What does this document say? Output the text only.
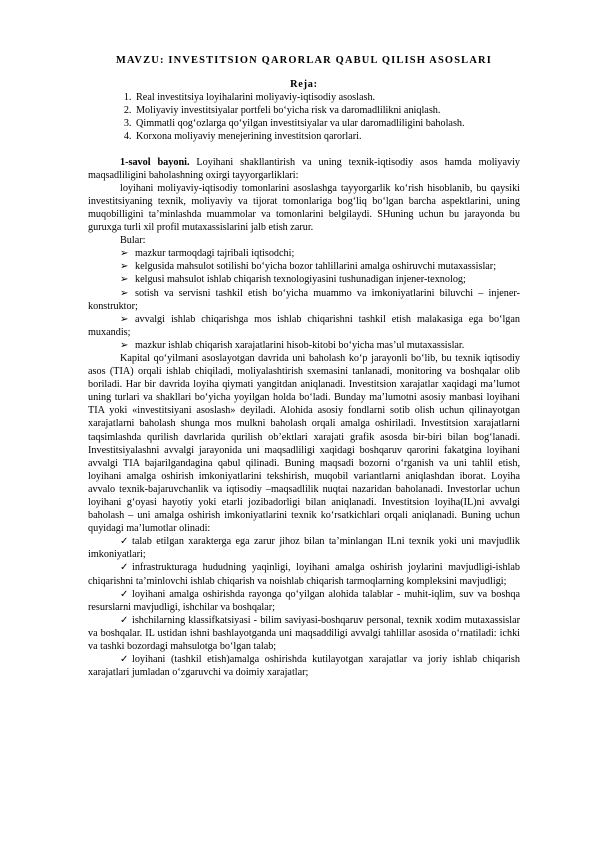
MAVZU: INVESTITSION QARORLAR QABUL QILISH ASOSLARI
Reja:
1. Real investitsiya loyihalarini moliyaviy-iqtisodiy asoslash.
2. Moliyaviy investitsiyalar portfeli bo‘yicha risk va daromadlilikni aniqlash.
3. Qimmatli qog‘ozlarga qo‘yilgan investitsiyalar va ular daromadliligini baholash.
4. Korxona moliyaviy menejerining investitsion qarorlari.

1-savol bayoni. Loyihani shakllantirish va uning texnik-iqtisodiy asos hamda moliyaviy maqsadliligini baholashning oxirgi tayyorgarliklari:

loyihani moliyaviy-iqtisodiy tomonlarini asoslashga tayyorgarlik ko‘rish hisoblanib, bu qaysiki investitsiyaning texnik, moliyaviy va tijorat tomonlariga bog‘liq bo‘lgan barcha aspektlarini, uning muqobilligini ta’minlashda muammolar va tomonlarini belgilaydi. SHuning uchun bu jarayonda bu guruxga turli xil profil mutaxassislarini jalb etish zarur.

Bular:

➢ mazkur tarmoqdagi tajribali iqtisodchi;
➢ kelgusida mahsulot sotilishi bo‘yicha bozor tahlillarini amalga oshiruvchi mutaxassislar;
➢ kelgusi mahsulot ishlab chiqarish texnologiyasini tushunadigan injener-texnolog;
➢ sotish va servisni tashkil etish bo‘yicha muammo va imkoniyatlarini biluvchi – injener-konstruktor;
➢ avvalgi ishlab chiqarishga mos ishlab chiqarishni tashkil etish malakasiga ega bo‘lgan muxandis;
➢ mazkur ishlab chiqarish xarajatlarini hisob-kitobi bo‘yicha mas’ul mutaxassislar.

Kapital qo‘yilmani asoslayotgan davrida uni baholash ko‘p jarayonli bo‘lib, bu texnik iqtisodiy asos (TIA) orqali ishlab chiqiladi, moliyalashtirish sxemasini tanlanadi, monitoring va boshqalar olib boriladi. Har bir davrida loyiha qiymati yangitdan aniqlanadi. Investitsion xarajatlar xaqidagi ma’lumot uning turlari va shakllari bo‘yicha yoyilgan holda bo‘ladi. Bunday ma’lumotni asosiy manbasi loyihani TIA yoki «investitsiyani asoslash» deyiladi. Alohida asosiy fondlarni sotib olish uchun qilinayotgan xarajatlarni baholash shunga mos mulkni baholash orqali amalga oshiriladi. Investitsion xarajatlarni taqsimlashda qurilish davrlarida qurilish ob’ektlari xarajati grafik asosda bir-biri bilan bog‘lanadi. Investitsiyalashni avvalgi jarayonida uni maqsadliligi xaqidagi boshqaruv qarorini fakatgina loyihani avvalgi TIA bajarilgandagina qabul qilinadi. Buning maqsadi bozorni o‘rganish va uni tahlil etish, loyihani amalga oshirish imkoniyatlarini tekshirish, muqobil variantlarni aniqlashdan iborat. Loyiha avvalo texnik-bajaruvchanlik va iqtisodiy –maqsadlilik nuqtai nazaridan baholanadi. Investorlar uchun loyihani g‘oyasi hayotiy yoki etarli jozibadorligi bilan aniqlanadi. Investitsion loyiha(IL)ni avvalgi baholash – uni amalga oshirish imkoniyatlarini texnik ko‘rsatkichlari orqali aniqlanadi. Buning uchun quyidagi ma’lumotlar olinadi:

✓ talab etilgan xarakterga ega zarur jihoz bilan ta’minlangan ILni texnik yoki uni mavjudlik imkoniyatlari;
✓ infrastrukturaga hududning yaqinligi, loyihani amalga oshirish joylarini mavjudligi-ishlab chiqarishni ta’minlovchi ishlab chiqarish va noishlab chiqarish tarmoqlarning kompleksini mavjudligi;
✓ loyihani amalga oshirishda rayonga qo‘yilgan alohida talablar - muhit-iqlim, suv va boshqa resurslarni mavjudligi, ishchilar va boshqalar;
✓ ishchilarning klassifkatsiyasi - bilim saviyasi-boshqaruv personal, texnik xodim mutaxassislar va boshqalar. IL ustidan ishni bashlayotganda uni maqsaddiligi avvalgi tahlillar asosida o‘rnatiladi: ichki va tashki bozordagi mahsulotga bo‘lgan talab;
✓ loyihani (tashkil etish)amalga oshirishda kutilayotgan xarajatlar va joriy ishlab chiqarish xarajatlari jumladan o‘zgaruvchi va doimiy xarajatlar;
